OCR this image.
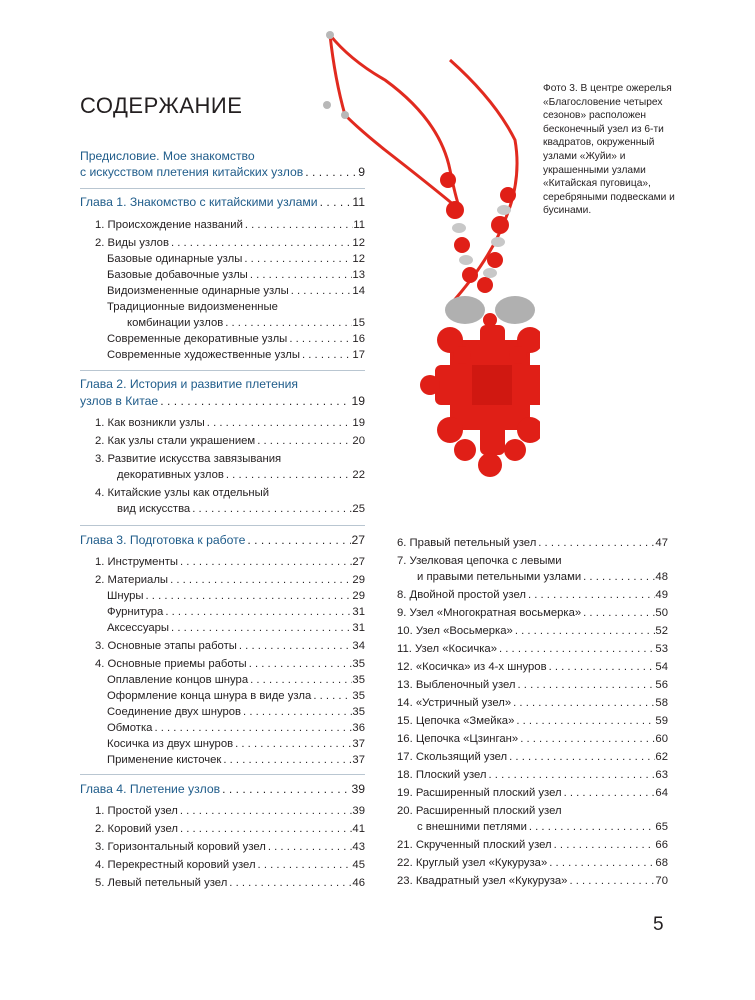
СОДЕРЖАНИЕ
Фото 3. В центре ожерелья «Благословение четырех сезонов» расположен бесконечный узел из 6-ти квадратов, окруженный узлами «Жуйи» и украшенными узлами «Китайская пуговица», серебряными подвесками и бусинами.
Предисловие. Мое знакомство
с искусством плетения китайских узлов . . .	9
Глава 1. Знакомство с китайскими узлами . . .	11
1. Происхождение названий . . .	11
2. Виды узлов . . .	12
Базовые одинарные узлы . . .	12
Базовые добавочные узлы . . .	13
Видоизмененные одинарные узлы . . .	14
Традиционные видоизмененные
комбинации узлов . . .	15
Современные декоративные узлы . . .	16
Современные художественные узлы . . .	17
Глава 2. История и развитие плетения
узлов в Китае . . .	19
1. Как возникли узлы . . .	19
2. Как узлы стали украшением . . .	20
3. Развитие искусства завязывания
декоративных узлов . . .	22
4. Китайские узлы как отдельный
вид искусства . . .	25
Глава 3. Подготовка к работе . . .	27
1. Инструменты . . .	27
2. Материалы . . .	29
Шнуры . . .	29
Фурнитура . . .	31
Аксессуары . . .	31
3. Основные этапы работы . . .	34
4. Основные приемы работы . . .	35
Оплавление концов шнура . . .	35
Оформление конца шнура в виде узла . . .	35
Соединение двух шнуров . . .	35
Обмотка . . .	36
Косичка из двух шнуров . . .	37
Применение кисточек . . .	37
Глава 4. Плетение узлов . . .	39
1. Простой узел . . .	39
2. Коровий узел . . .	41
3. Горизонтальный коровий узел . . .	43
4. Перекрестный коровий узел . . .	45
5. Левый петельный узел . . .	46
6. Правый петельный узел . . .	47
7. Узелковая цепочка с левыми
и правыми петельными узлами . . .	48
8. Двойной простой узел . . .	49
9. Узел «Многократная восьмерка» . . .	50
10. Узел «Восьмерка» . . .	52
11. Узел «Косичка» . . .	53
12. «Косичка» из 4-х шнуров . . .	54
13. Выбленочный узел . . .	56
14. «Устричный узел» . . .	58
15. Цепочка «Змейка» . . .	59
16. Цепочка «Цзинган» . . .	60
17. Скользящий узел . . .	62
18. Плоский узел . . .	63
19. Расширенный плоский узел . . .	64
20. Расширенный плоский узел
с внешними петлями . . .	65
21. Скрученный плоский узел . . .	66
22. Круглый узел «Кукуруза» . . .	68
23. Квадратный узел «Кукуруза» . . .	70
5
